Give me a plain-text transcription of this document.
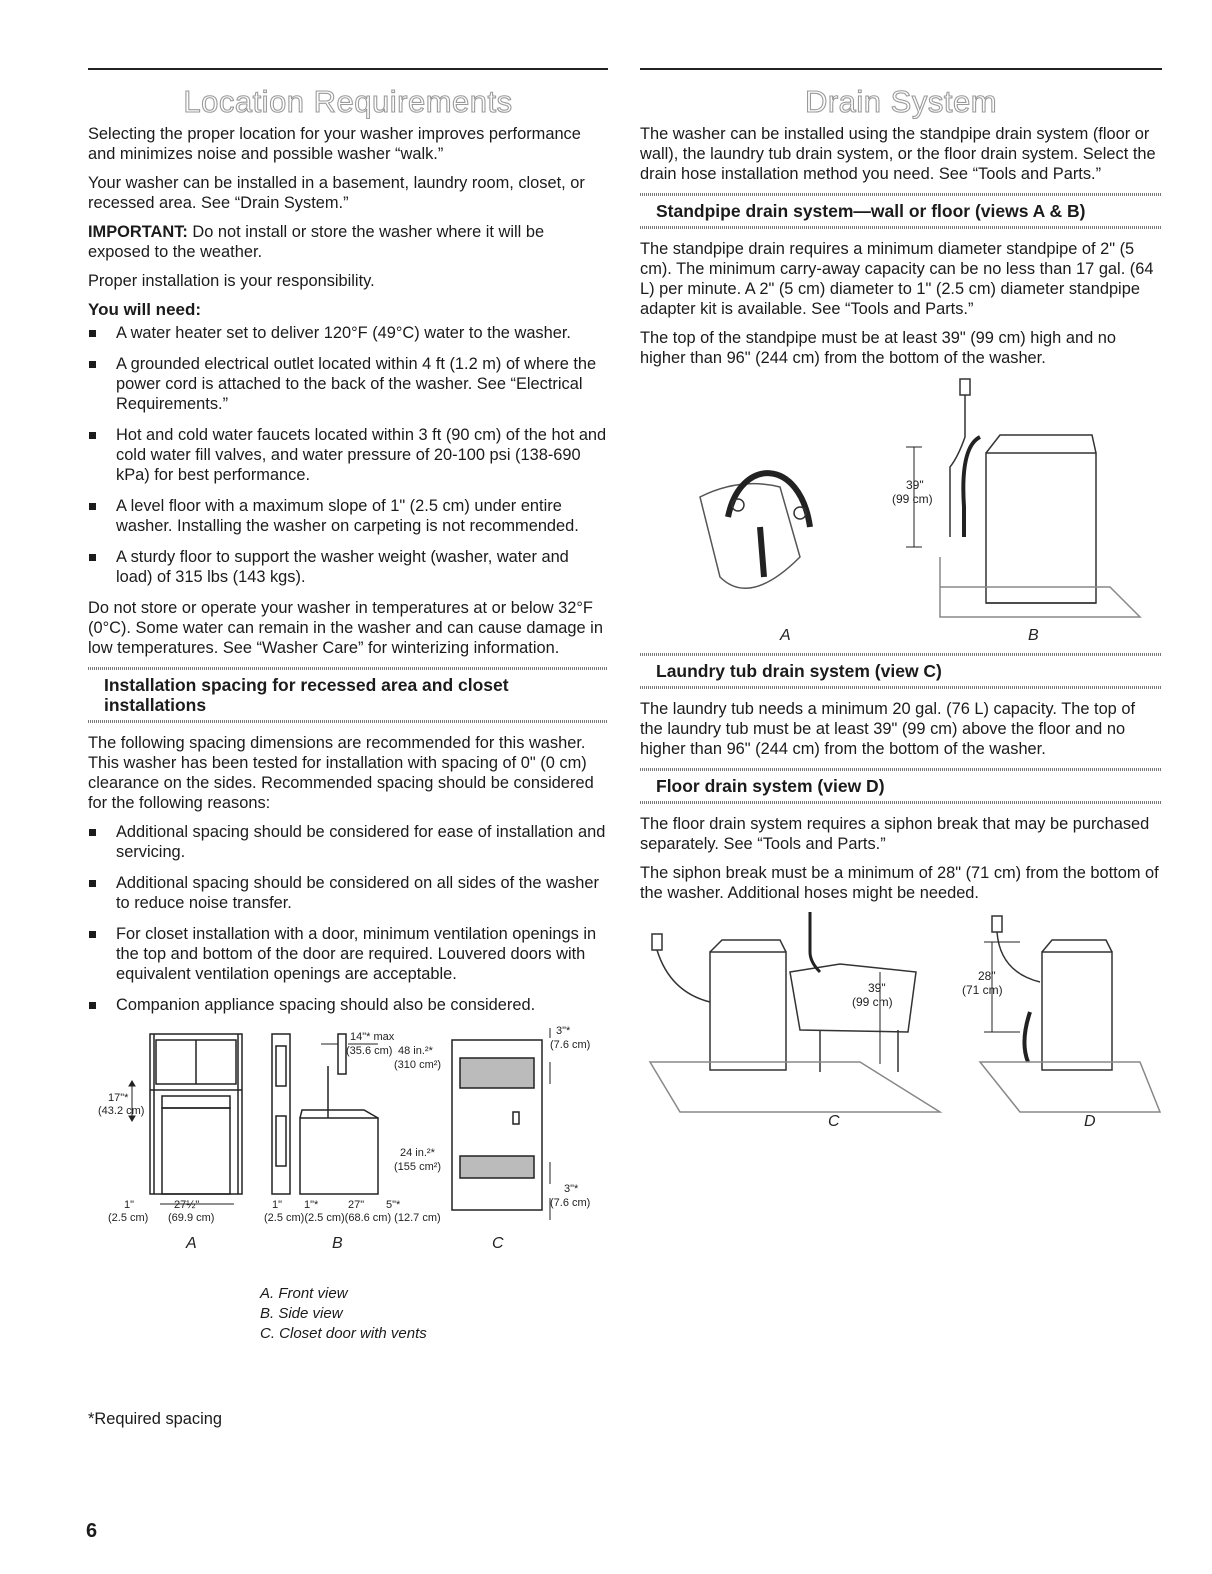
Location Requirements

Selecting the proper location for your washer improves performance and minimizes noise and possible washer “walk.”

Your washer can be installed in a basement, laundry room, closet, or recessed area. See “Drain System.”

IMPORTANT: Do not install or store the washer where it will be exposed to the weather.

Proper installation is your responsibility.

You will need:
A water heater set to deliver 120°F (49°C) water to the washer.
A grounded electrical outlet located within 4 ft (1.2 m) of where the power cord is attached to the back of the washer. See “Electrical Requirements.”
Hot and cold water faucets located within 3 ft (90 cm) of the hot and cold water fill valves, and water pressure of 20-100 psi (138-690 kPa) for best performance.
A level floor with a maximum slope of 1" (2.5 cm) under entire washer. Installing the washer on carpeting is not recommended.
A sturdy floor to support the washer weight (washer, water and load) of 315 lbs (143 kgs).

Do not store or operate your washer in temperatures at or below 32°F (0°C). Some water can remain in the washer and can cause damage in low temperatures. See “Washer Care” for winterizing information.

Installation spacing for recessed area and closet installations

The following spacing dimensions are recommended for this washer. This washer has been tested for installation with spacing of 0" (0 cm) clearance on the sides. Recommended spacing should be considered for the following reasons:

Additional spacing should be considered for ease of installation and servicing.
Additional spacing should be considered on all sides of the washer to reduce noise transfer.
For closet installation with a door, minimum ventilation openings in the top and bottom of the door are required. Louvered doors with equivalent ventilation openings are acceptable.
Companion appliance spacing should also be considered.
17"*
(43.2 cm)
1"
(2.5 cm)
27½"
(69.9 cm)
14"* max
(35.6 cm) 48 in.²*
(310 cm²)
24 in.²*
(155 cm²)
1" 1"*	27" 5"*
(2.5 cm)(2.5 cm)(68.6 cm) (12.7 cm)
3"*
(7.6 cm)
3"*
(7.6 cm)
A	B	C
A. Front view
B. Side view
C. Closet door with vents
*Required spacing
Drain System

The washer can be installed using the standpipe drain system (floor or wall), the laundry tub drain system, or the floor drain system. Select the drain hose installation method you need. See “Tools and Parts.”

Standpipe drain system—wall or floor (views A & B)

The standpipe drain requires a minimum diameter standpipe of 2" (5 cm). The minimum carry-away capacity can be no less than 17 gal. (64 L) per minute. A 2" (5 cm) diameter to 1" (2.5 cm) diameter standpipe adapter kit is available. See “Tools and Parts.”

The top of the standpipe must be at least 39" (99 cm) high and no higher than 96" (244 cm) from the bottom of the washer.

39"
(99 cm)
A	B
Laundry tub drain system (view C)

The laundry tub needs a minimum 20 gal. (76 L) capacity. The top of the laundry tub must be at least 39" (99 cm) above the floor and no higher than 96" (244 cm) from the bottom of the washer.

Floor drain system (view D)

The floor drain system requires a siphon break that may be purchased separately. See “Tools and Parts.”

The siphon break must be a minimum of 28" (71 cm) from the bottom of the washer. Additional hoses might be needed.

39"
(99 cm)
28"
(71 cm)
C	D
6
